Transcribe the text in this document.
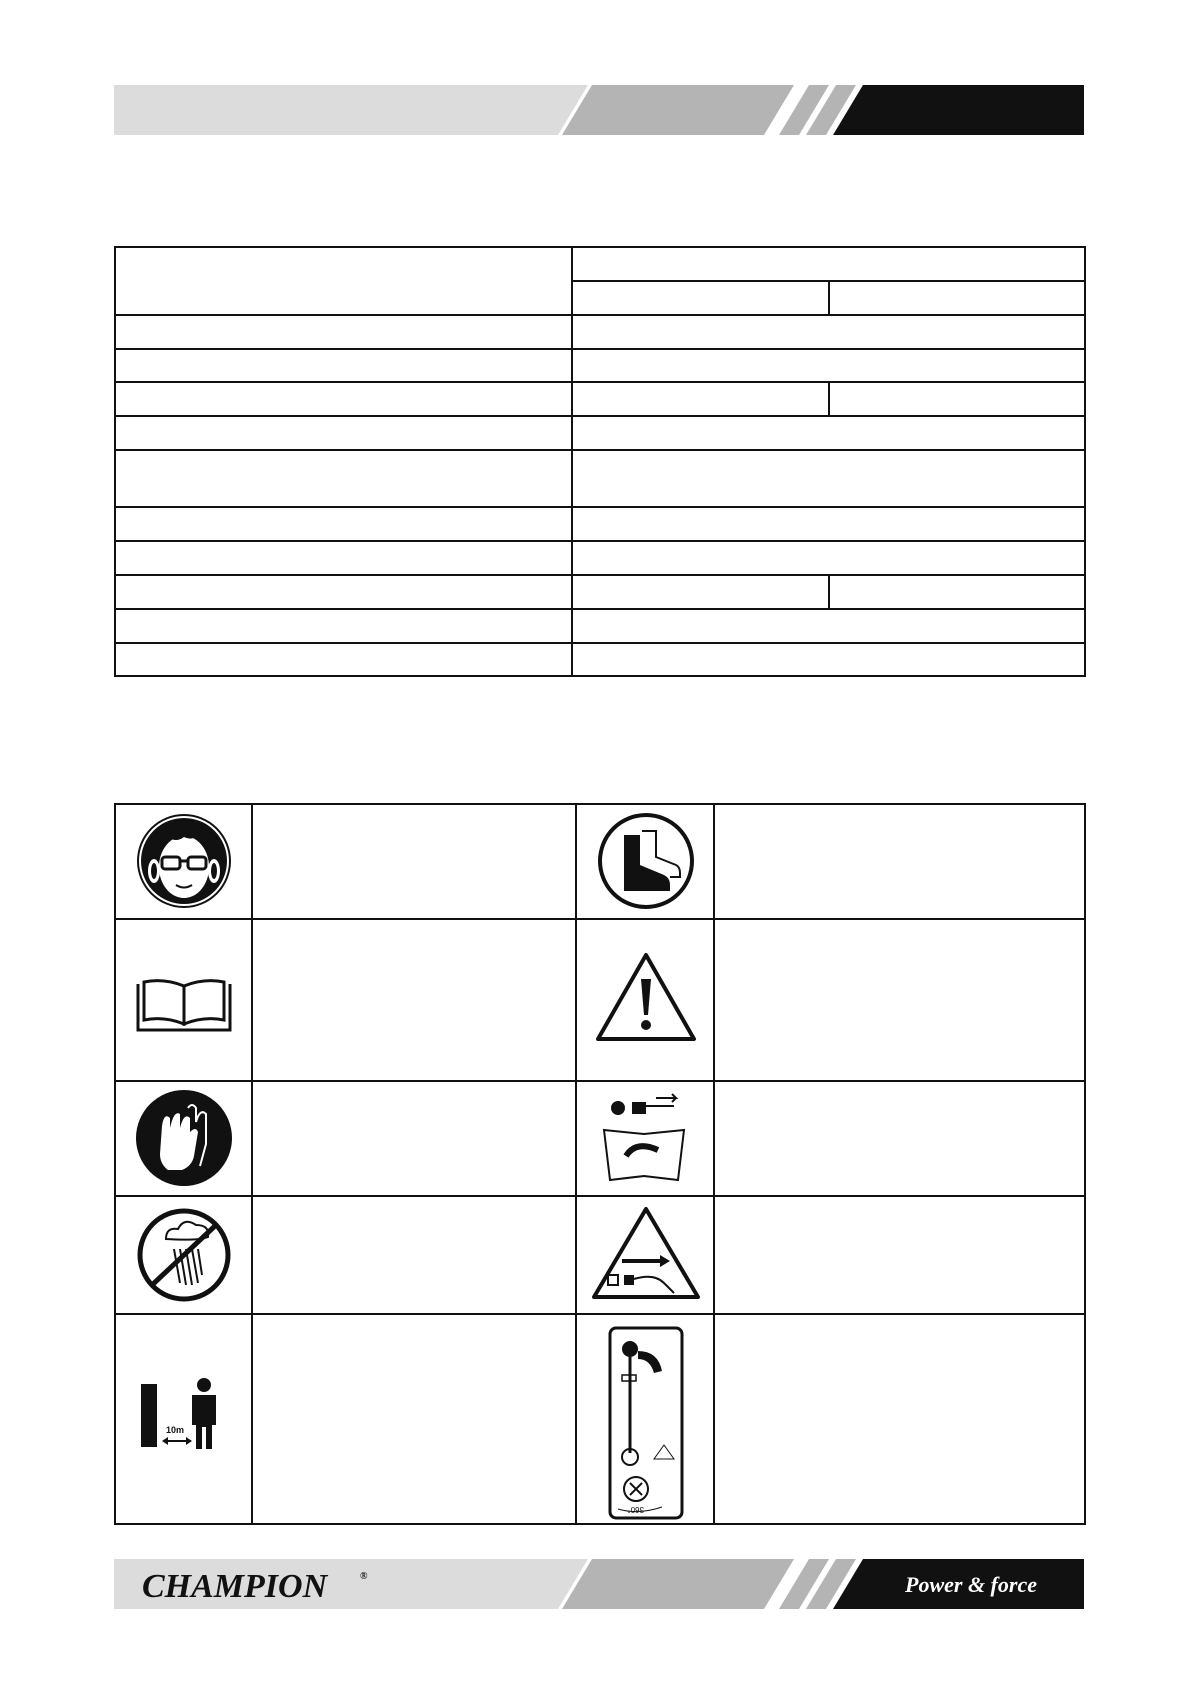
10m
360°
CHAMPION	®	Power & force
